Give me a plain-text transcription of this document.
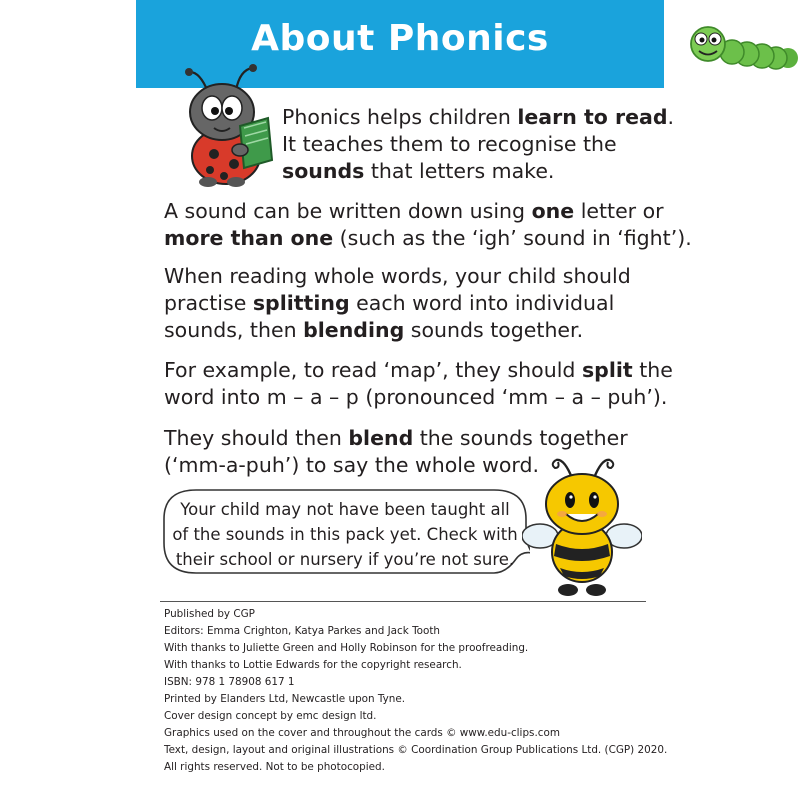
About Phonics
Phonics helps children learn to read.
It teaches them to recognise the
sounds that letters make.
A sound can be written down using one letter or
more than one (such as the ‘igh’ sound in ‘fight’).
When reading whole words, your child should
practise splitting each word into individual
sounds, then blending sounds together.
For example, to read ‘map’, they should split the
word into m – a – p (pronounced ‘mm – a – puh’).
They should then blend the sounds together
(‘mm-a-puh’) to say the whole word.
Your child may not have been taught all
of the sounds in this pack yet. Check with
their school or nursery if you’re not sure.
Published by CGP
Editors: Emma Crighton, Katya Parkes and Jack Tooth
With thanks to Juliette Green and Holly Robinson for the proofreading.
With thanks to Lottie Edwards for the copyright research.
ISBN: 978 1 78908 617 1
Printed by Elanders Ltd, Newcastle upon Tyne.
Cover design concept by emc design ltd.
Graphics used on the cover and throughout the cards © www.edu-clips.com
Text, design, layout and original illustrations © Coordination Group Publications Ltd. (CGP) 2020.
All rights reserved. Not to be photocopied.
